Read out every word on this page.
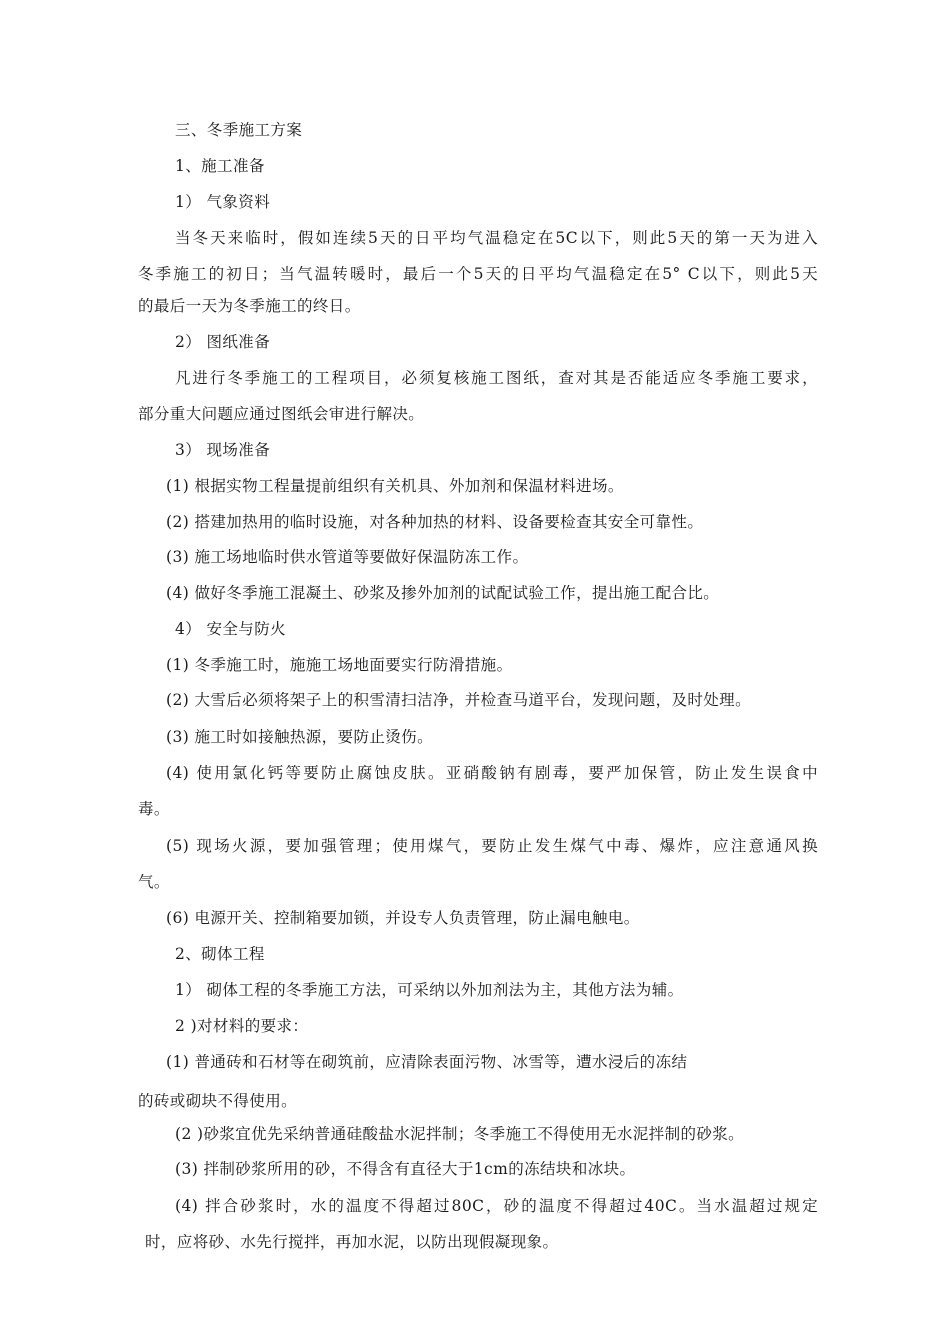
三、冬季施工方案
1、施工准备
1） 气象资料
当冬天来临时，假如连续5天的日平均气温稳定在5C以下，则此5天的第一天为进入
冬季施工的初日；当气温转暖时，最后一个5天的日平均气温稳定在5° C以下，则此5天
的最后一天为冬季施工的终日。
2） 图纸准备
凡进行冬季施工的工程项目，必须复核施工图纸，查对其是否能适应冬季施工要求，
部分重大问题应通过图纸会审进行解决。
3） 现场准备
(1) 根据实物工程量提前组织有关机具、外加剂和保温材料进场。
(2) 搭建加热用的临时设施，对各种加热的材料、设备要检查其安全可靠性。
(3) 施工场地临时供水管道等要做好保温防冻工作。
(4) 做好冬季施工混凝土、砂浆及掺外加剂的试配试验工作，提出施工配合比。
4） 安全与防火
(1) 冬季施工时，施施工场地面要实行防滑措施。
(2) 大雪后必须将架子上的积雪清扫洁净，并检查马道平台，发现问题，及时处理。
(3) 施工时如接触热源，要防止烫伤。
(4) 使用氯化钙等要防止腐蚀皮肤。亚硝酸钠有剧毒，要严加保管，防止发生误食中
毒。
(5) 现场火源，要加强管理；使用煤气，要防止发生煤气中毒、爆炸，应注意通风换
气。
(6) 电源开关、控制箱要加锁，并设专人负责管理，防止漏电触电。
2、砌体工程
1） 砌体工程的冬季施工方法，可采纳以外加剂法为主，其他方法为辅。
2 )对材料的要求：
(1) 普通砖和石材等在砌筑前，应清除表面污物、冰雪等，遭水浸后的冻结
的砖或砌块不得使用。
(2 )砂浆宜优先采纳普通硅酸盐水泥拌制；冬季施工不得使用无水泥拌制的砂浆。
(3) 拌制砂浆所用的砂，不得含有直径大于1cm的冻结块和冰块。
(4) 拌合砂浆时，水的温度不得超过80C，砂的温度不得超过40C。当水温超过规定
时，应将砂、水先行搅拌，再加水泥，以防出现假凝现象。
